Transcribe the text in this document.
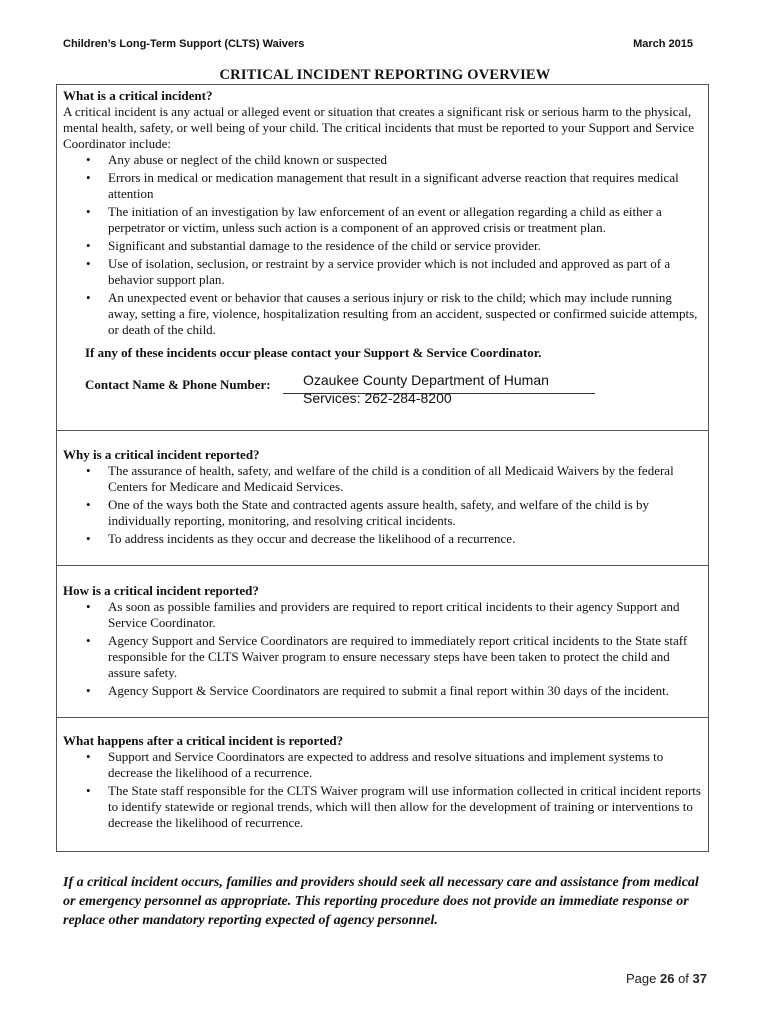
Children’s Long-Term Support (CLTS) Waivers	March 2015
CRITICAL INCIDENT REPORTING OVERVIEW
What is a critical incident?

A critical incident is any actual or alleged event or situation that creates a significant risk or serious harm to the physical, mental health, safety, or well being of your child. The critical incidents that must be reported to your Support and Service Coordinator include:

• Any abuse or neglect of the child known or suspected
• Errors in medical or medication management that result in a significant adverse reaction that requires medical attention
• The initiation of an investigation by law enforcement of an event or allegation regarding a child as either a perpetrator or victim, unless such action is a component of an approved crisis or treatment plan.
• Significant and substantial damage to the residence of the child or service provider.
• Use of isolation, seclusion, or restraint by a service provider which is not included and approved as part of a behavior support plan.
• An unexpected event or behavior that causes a serious injury or risk to the child; which may include running away, setting a fire, violence, hospitalization resulting from an accident, suspected or confirmed suicide attempts, or death of the child.
If any of these incidents occur please contact your Support & Service Coordinator.
Contact Name & Phone Number: Ozaukee County Department of Human
Services: 262-284-8200
Why is a critical incident reported?
• The assurance of health, safety, and welfare of the child is a condition of all Medicaid Waivers by the federal Centers for Medicare and Medicaid Services.
• One of the ways both the State and contracted agents assure health, safety, and welfare of the child is by individually reporting, monitoring, and resolving critical incidents.
• To address incidents as they occur and decrease the likelihood of a recurrence.
How is a critical incident reported?
• As soon as possible families and providers are required to report critical incidents to their agency Support and Service Coordinator.
• Agency Support and Service Coordinators are required to immediately report critical incidents to the State staff responsible for the CLTS Waiver program to ensure necessary steps have been taken to protect the child and assure safety.
• Agency Support & Service Coordinators are required to submit a final report within 30 days of the incident.
What happens after a critical incident is reported?
• Support and Service Coordinators are expected to address and resolve situations and implement systems to decrease the likelihood of a recurrence.
• The State staff responsible for the CLTS Waiver program will use information collected in critical incident reports to identify statewide or regional trends, which will then allow for the development of training or interventions to decrease the likelihood of recurrence.
If a critical incident occurs, families and providers should seek all necessary care and assistance from medical or emergency personnel as appropriate. This reporting procedure does not provide an immediate response or replace other mandatory reporting expected of agency personnel.
Page 26 of 37
